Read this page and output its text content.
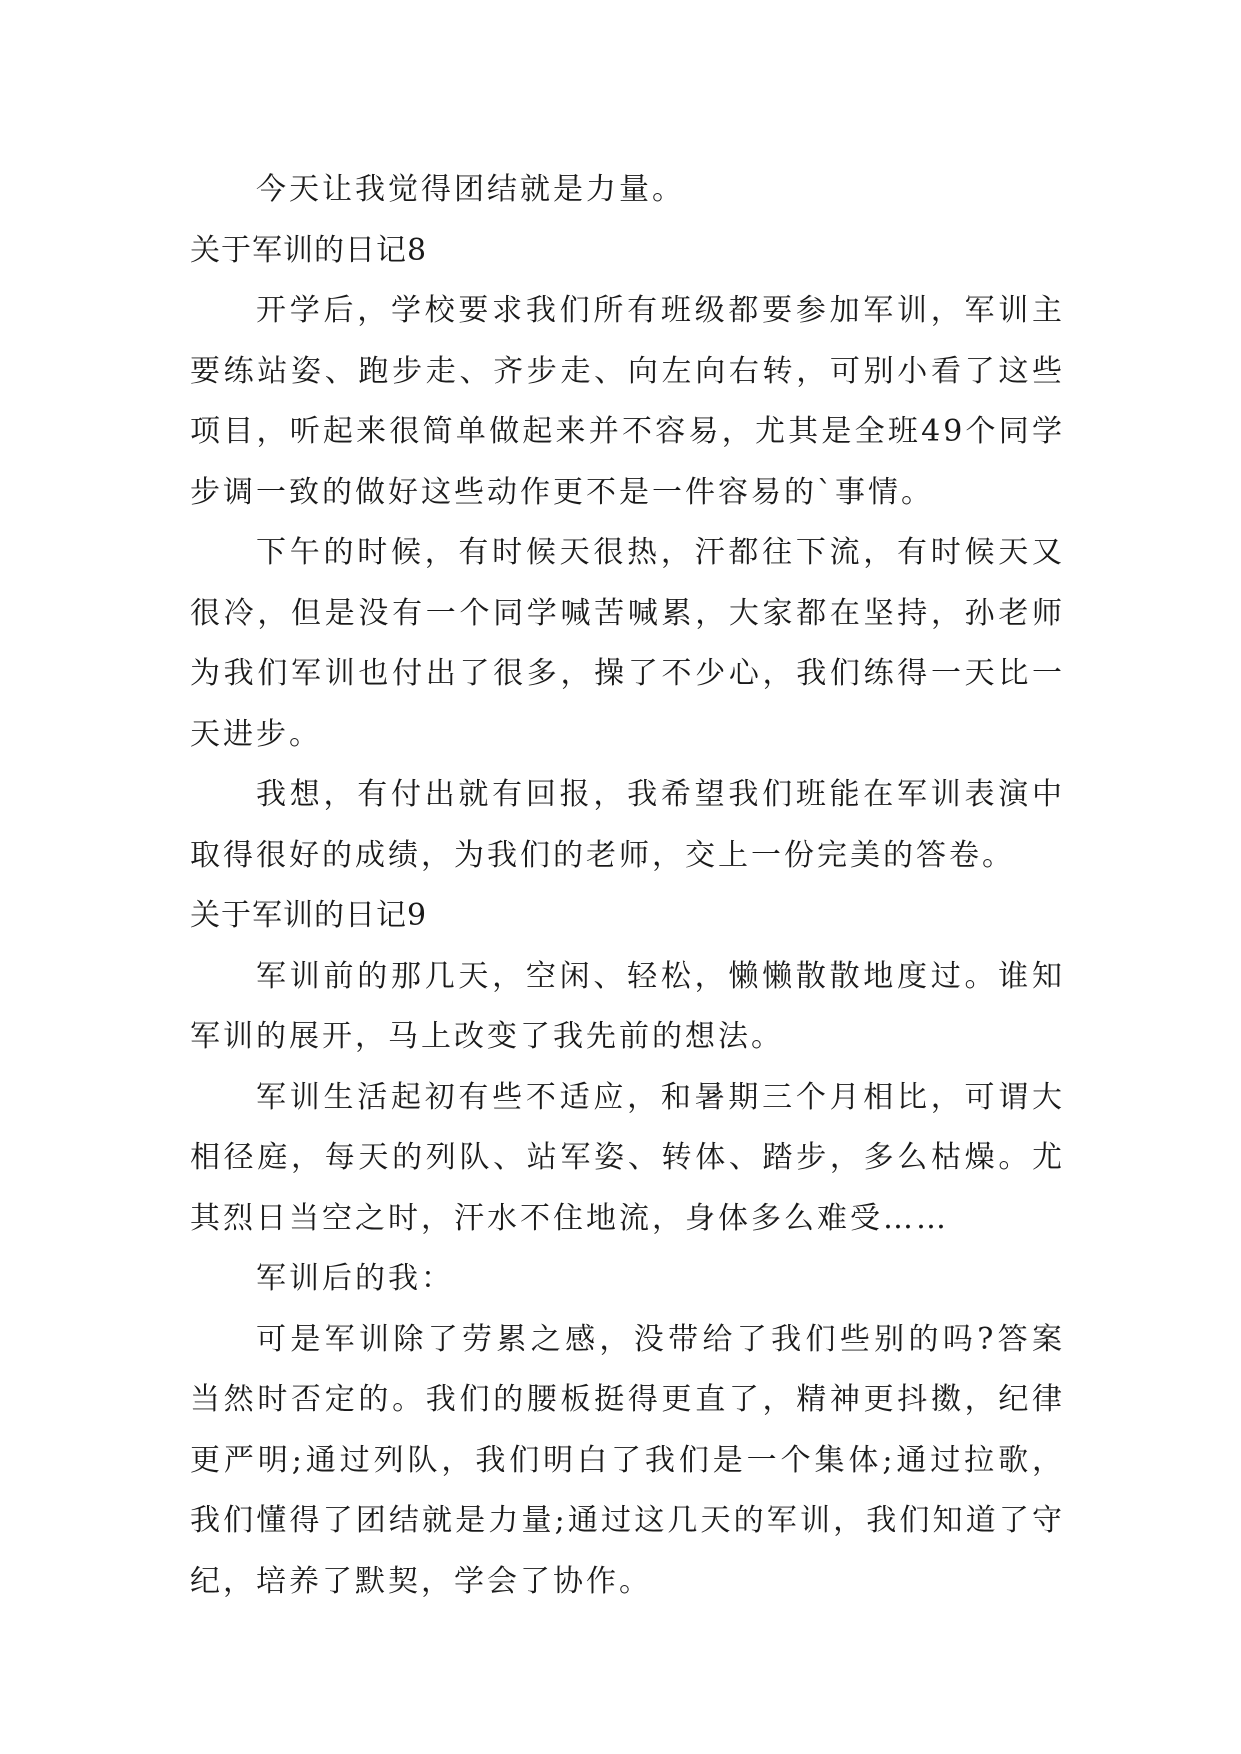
今天让我觉得团结就是力量。

关于军训的日记8

开学后，学校要求我们所有班级都要参加军训，军训主要练站姿、跑步走、齐步走、向左向右转，可别小看了这些项目，听起来很简单做起来并不容易，尤其是全班49个同学步调一致的做好这些动作更不是一件容易的`事情。

下午的时候，有时候天很热，汗都往下流，有时候天又很冷，但是没有一个同学喊苦喊累，大家都在坚持，孙老师为我们军训也付出了很多，操了不少心，我们练得一天比一天进步。

我想，有付出就有回报，我希望我们班能在军训表演中取得很好的成绩，为我们的老师，交上一份完美的答卷。

关于军训的日记9

军训前的那几天，空闲、轻松，懒懒散散地度过。谁知军训的展开，马上改变了我先前的想法。

军训生活起初有些不适应，和暑期三个月相比，可谓大相径庭，每天的列队、站军姿、转体、踏步，多么枯燥。尤其烈日当空之时，汗水不住地流，身体多么难受……

军训后的我：

可是军训除了劳累之感，没带给了我们些别的吗?答案当然时否定的。我们的腰板挺得更直了，精神更抖擞，纪律更严明;通过列队，我们明白了我们是一个集体;通过拉歌，我们懂得了团结就是力量;通过这几天的军训，我们知道了守纪，培养了默契，学会了协作。
